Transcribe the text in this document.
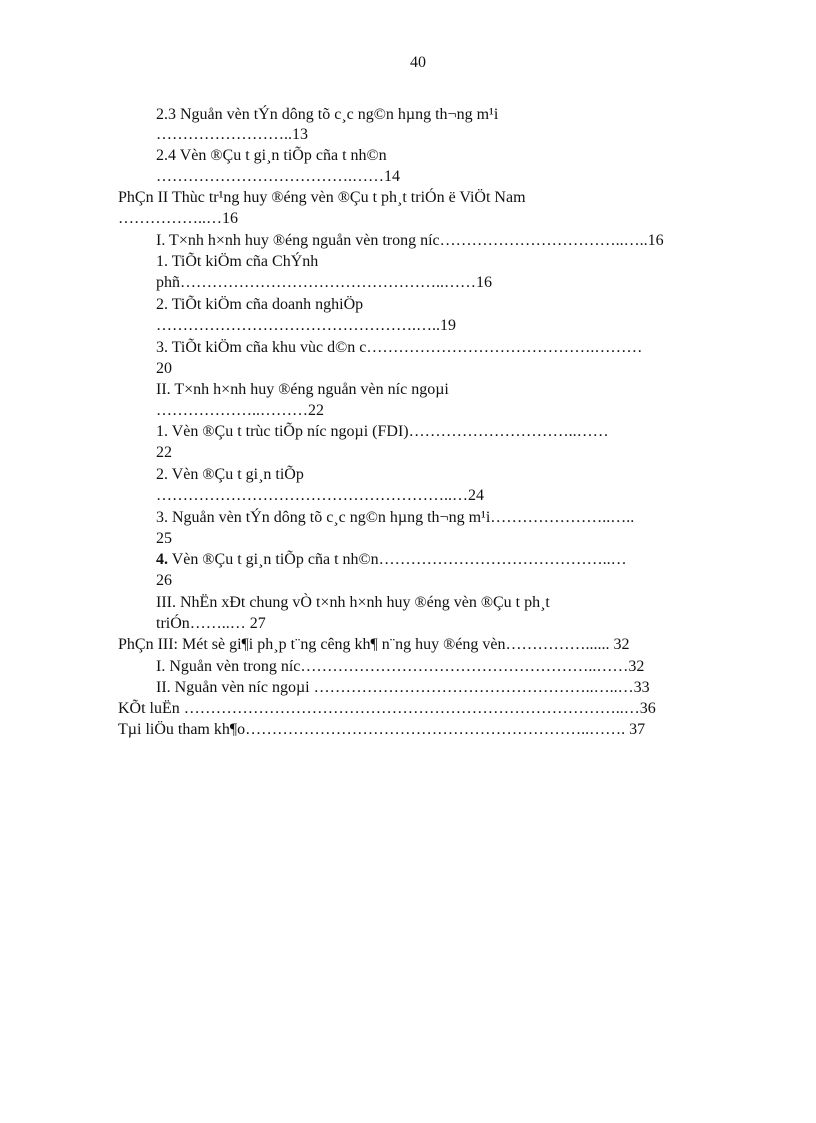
40
2.3 Nguån vèn tÝn dông tõ c¸c ng©n hµng th¬ng m¹i
……………………..13
2.4 Vèn ®Çu t gi¸n tiÕp cña t nh©n
……………………………….……14
PhÇn II Thùc tr¹ng huy ®éng vèn ®Çu t ph¸t triÓn ë ViÖt Nam
……………..…16
I. T×nh h×nh huy ®éng nguån vèn trong níc……………………………..…..16
1. TiÕt kiÖm cña ChÝnh
phñ…………………………………………..……16
2. TiÕt kiÖm cña doanh nghiÖp
………………………………………….…..19
3. TiÕt kiÖm cña khu vùc d©n c…………………………………….………
20
II. T×nh h×nh huy ®éng nguån vèn níc ngoµi
………………..………22
1. Vèn ®Çu t trùc tiÕp níc ngoµi (FDI)…………………………..……
22
2. Vèn ®Çu t gi¸n tiÕp
………………………………………………..…24
3. Nguån vèn tÝn dông tõ c¸c ng©n hµng th¬ng m¹i…………………..…..
25
4. Vèn ®Çu t gi¸n tiÕp cña t nh©n……………………………………..…
26
III. NhËn xÐt chung vÒ t×nh h×nh huy ®éng vèn ®Çu t ph¸t
triÓn……..… 27
PhÇn III: Mét sè gi¶i ph¸p t¨ng cêng kh¶ n¨ng huy ®éng vèn……………...... 32
I. Nguån vèn trong níc………………………………………………..……32
II. Nguån vèn níc ngoµi ……………………………………………..…..…33
KÕt luËn ………………………………………………………………………..…36
Tµi liÖu tham kh¶o………………………………………………………..……. 37
